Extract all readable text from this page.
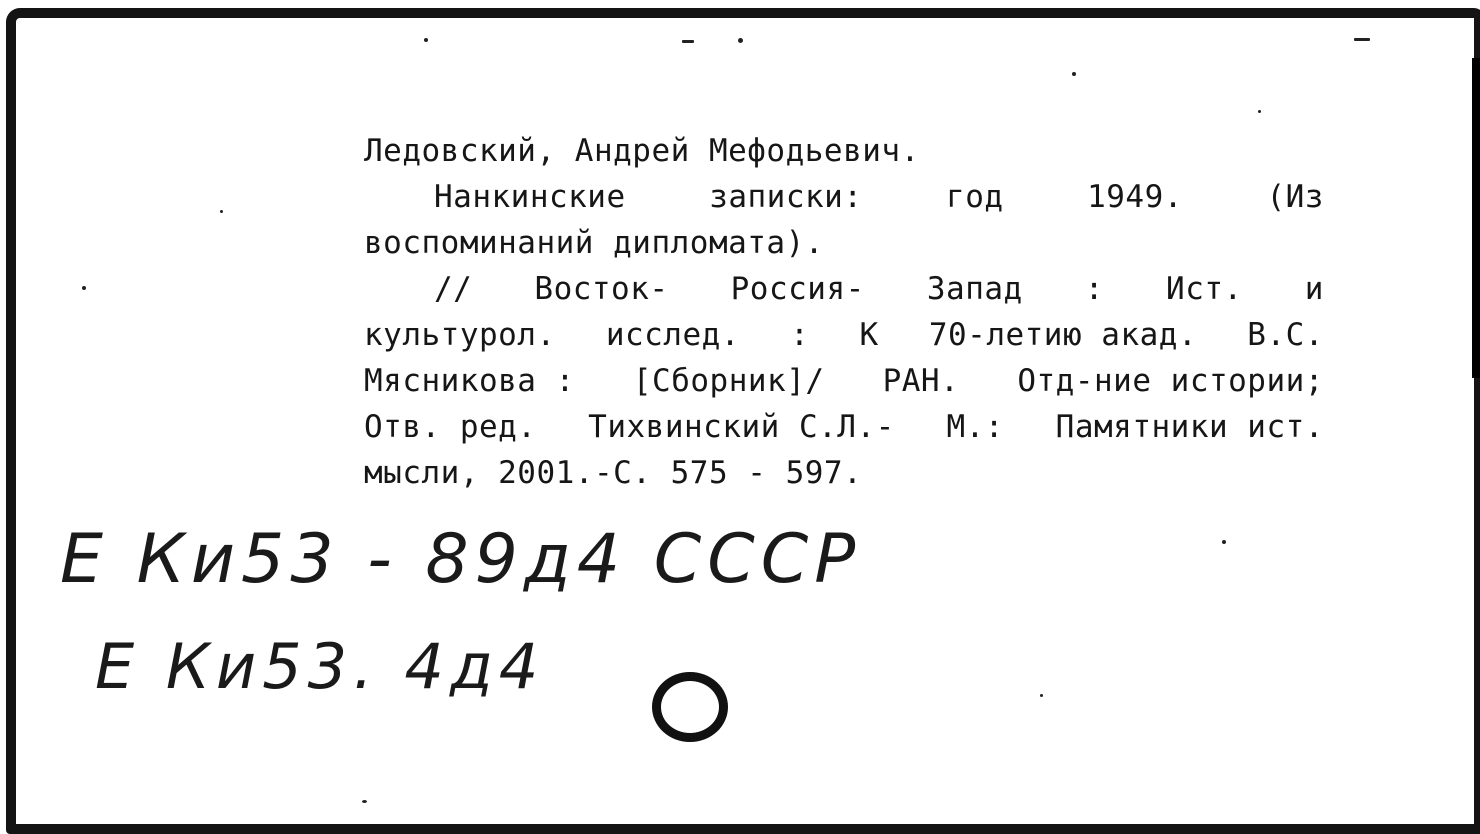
Ледовский, Андрей Мефодьевич.
Нанкинские	записки:	год	1949.	(Из
воспоминаний дипломата).
// Восток- Россия- Запад : Ист. и
культурол. исслед. : К 70-летию акад. В.С.
Мясникова : [Сборник]/ РАН. Отд-ние истории;
Отв. ред. Тихвинский С.Л.- М.: Памятники ист.
мысли, 2001.-С. 575 - 597.
Е Ки53 - 89д4 СССР
Е Ки53. 4д4
